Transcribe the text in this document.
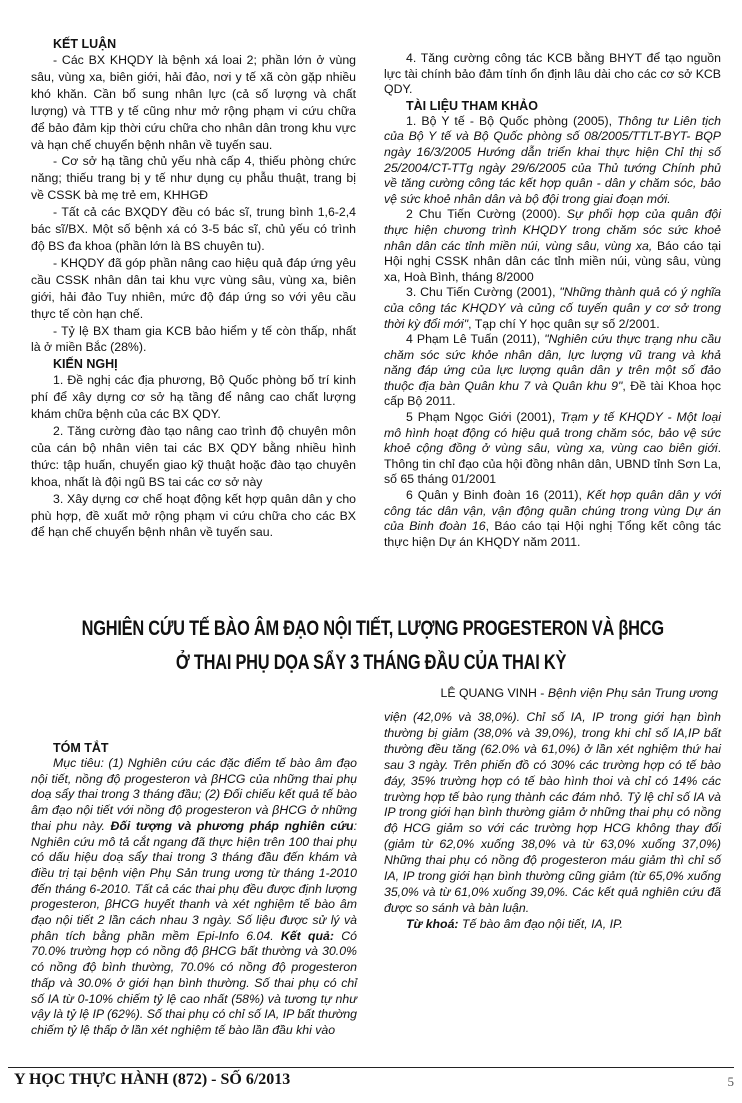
KẾT LUẬN

- Các BX KHQDY là bệnh xá loai 2; phần lớn ở vùng sâu, vùng xa, biên giới, hải đảo, nơi y tế xã còn gặp nhiều khó khăn. Cần bổ sung nhân lực (cả số lượng và chất lượng) và TTB y tế cũng như mở rộng phạm vi cứu chữa để bảo đảm kịp thời cứu chữa cho nhân dân trong khu vực và hạn chế chuyển bệnh nhân về tuyến sau.

- Cơ sở hạ tầng chủ yếu nhà cấp 4, thiếu phòng chức năng; thiếu trang bị y tế như dụng cụ phẫu thuật, trang bị về CSSK bà mẹ trẻ em, KHHGĐ

- Tất cả các BXQDY đều có bác sĩ, trung bình 1,6-2,4 bác sĩ/BX. Một số bệnh xá có 3-5 bác sĩ, chủ yếu có trình độ BS đa khoa (phần lớn là BS chuyên tu).

- KHQDY đã góp phần nâng cao hiệu quả đáp ứng yêu cầu CSSK nhân dân tai khu vực vùng sâu, vùng xa, biên giới, hải đảo Tuy nhiên, mức độ đáp ứng so với yêu cầu thực tế còn hạn chế.

- Tỷ lệ BX tham gia KCB bảo hiểm y tế còn thấp, nhất là ở miền Bắc (28%).

KIẾN NGHỊ

1. Đề nghị các địa phương, Bộ Quốc phòng bố trí kinh phí để xây dựng cơ sở hạ tầng để nâng cao chất lượng khám chữa bệnh của các BX QDY.

2. Tăng cường đào tạo nâng cao trình độ chuyên môn của cán bộ nhân viên tai các BX QDY bằng nhiều hình thức: tập huấn, chuyển giao kỹ thuật hoặc đào tạo chuyên khoa, nhất là đội ngũ BS tai các cơ sở này

3. Xây dựng cơ chế hoạt động kết hợp quân dân y cho phù hợp, đề xuất mở rộng phạm vi cứu chữa cho các BX để hạn chế chuyển bệnh nhân về tuyến sau.

4. Tăng cường công tác KCB bằng BHYT để tạo nguồn lực tài chính bảo đảm tính ổn định lâu dài cho các cơ sở KCB QDY.

TÀI LIỆU THAM KHẢO

1. Bộ Y tế - Bộ Quốc phòng (2005), Thông tư Liên tịch của Bộ Y tế và Bộ Quốc phòng số 08/2005/TTLT-BYT- BQP ngày 16/3/2005 Hướng dẫn triển khai thực hiện Chỉ thị số 25/2004/CT-TTg ngày 29/6/2005 của Thủ tướng Chính phủ về tăng cường công tác kết hợp quân - dân y chăm sóc, bảo vệ sức khoẻ nhân dân và bộ đội trong giai đoạn mới.

2 Chu Tiến Cường (2000). Sự phối hợp của quân đội thực hiện chương trình KHQDY trong chăm sóc sức khoẻ nhân dân các tỉnh miền núi, vùng sâu, vùng xa, Báo cáo tại Hội nghị CSSK nhân dân các tỉnh miền núi, vùng sâu, vùng xa, Hoà Bình, tháng 8/2000

3. Chu Tiến Cường (2001), "Những thành quả có ý nghĩa của công tác KHQDY và củng cố tuyến quân y cơ sở trong thời kỳ đổi mới", Tạp chí Y học quân sự số 2/2001.

4 Phạm Lê Tuấn (2011), "Nghiên cứu thực trạng nhu cầu chăm sóc sức khỏe nhân dân, lực lượng vũ trang và khả năng đáp ứng của lực lượng quân dân y trên một số đảo thuộc địa bàn Quân khu 7 và Quân khu 9", Đề tài Khoa học cấp Bộ 2011.

5 Phạm Ngọc Giới (2001), Trạm y tế KHQDY - Một loại mô hình hoạt động có hiệu quả trong chăm sóc, bảo vệ sức khoẻ cộng đồng ở vùng sâu, vùng xa, vùng cao biên giới. Thông tin chỉ đạo của hội đồng nhân dân, UBND tỉnh Sơn La, số 65 tháng 01/2001

6 Quân y Binh đoàn 16 (2011), Kết hợp quân dân y với công tác dân vận, vận động quần chúng trong vùng Dự án của Binh đoàn 16, Báo cáo tại Hội nghị Tổng kết công tác thực hiện Dự án KHQDY năm 2011.

NGHIÊN CỨU TẾ BÀO ÂM ĐẠO NỘI TIẾT, LƯỢNG PROGESTERON VÀ βHCG
Ở THAI PHỤ DỌA SẨY 3 THÁNG ĐẦU CỦA THAI KỲ
LÊ QUANG VINH - Bệnh viện Phụ sản Trung ương
TÓM TẮT

Mục tiêu: (1) Nghiên cứu các đặc điểm tế bào âm đạo nội tiết, nồng độ progesteron và βHCG của những thai phụ doạ sẩy thai trong 3 tháng đầu; (2) Đối chiếu kết quả tế bào âm đạo nội tiết với nồng độ progesteron và βHCG ở những thai phu này. Đối tượng và phương pháp nghiên cứu: Nghiên cứu mô tả cắt ngang đã thực hiện trên 100 thai phụ có dấu hiệu doạ sẩy thai trong 3 tháng đầu đến khám và điều trị tại bệnh viện Phụ Sản trung ương từ tháng 1-2010 đến tháng 6-2010. Tất cả các thai phụ đều được định lượng progesteron, βHCG huyết thanh và xét nghiệm tế bào âm đạo nội tiết 2 lần cách nhau 3 ngày. Số liệu được sử lý và phân tích bằng phần mềm Epi-Info 6.04. Kết quả: Có 70.0% trường hợp có nồng độ βHCG bất thường và 30.0% có nồng độ bình thường, 70.0% có nồng độ progesteron thấp và 30.0% ở giới hạn bình thường. Số thai phụ có chỉ số IA từ 0-10% chiếm tỷ lệ cao nhất (58%) và tương tự như vậy là tỷ lệ IP (62%). Số thai phụ có chỉ số IA, IP bất thường chiếm tỷ lệ thấp ở lần xét nghiệm tế bào lần đầu khi vào

viện (42,0% và 38,0%). Chỉ số IA, IP trong giới hạn bình thường bị giảm (38,0% và 39,0%), trong khi chỉ số IA,IP bất thường đều tăng (62.0% và 61,0%) ở lần xét nghiệm thứ hai sau 3 ngày. Trên phiến đồ có 30% các trường hợp có tế bào đáy, 35% trường hợp có tế bào hình thoi và chỉ có 14% các trường hợp tế bào rụng thành các đám nhỏ. Tỷ lệ chỉ số IA và IP trong giới hạn bình thường giảm ở những thai phụ có nồng độ HCG giảm so với các trường hợp HCG không thay đổi (giảm từ 62,0% xuống 38,0% và từ 63,0% xuống 37,0%) Những thai phụ có nồng độ progesteron máu giảm thì chỉ số IA, IP trong giới hạn bình thường cũng giảm (từ 65,0% xuống 35,0% và từ 61,0% xuống 39,0%. Các kết quả nghiên cứu đã được so sánh và bàn luận.

Từ khoá: Tế bào âm đạo nội tiết, IA, IP.

Y HỌC THỰC HÀNH (872) - SỐ 6/2013	5
